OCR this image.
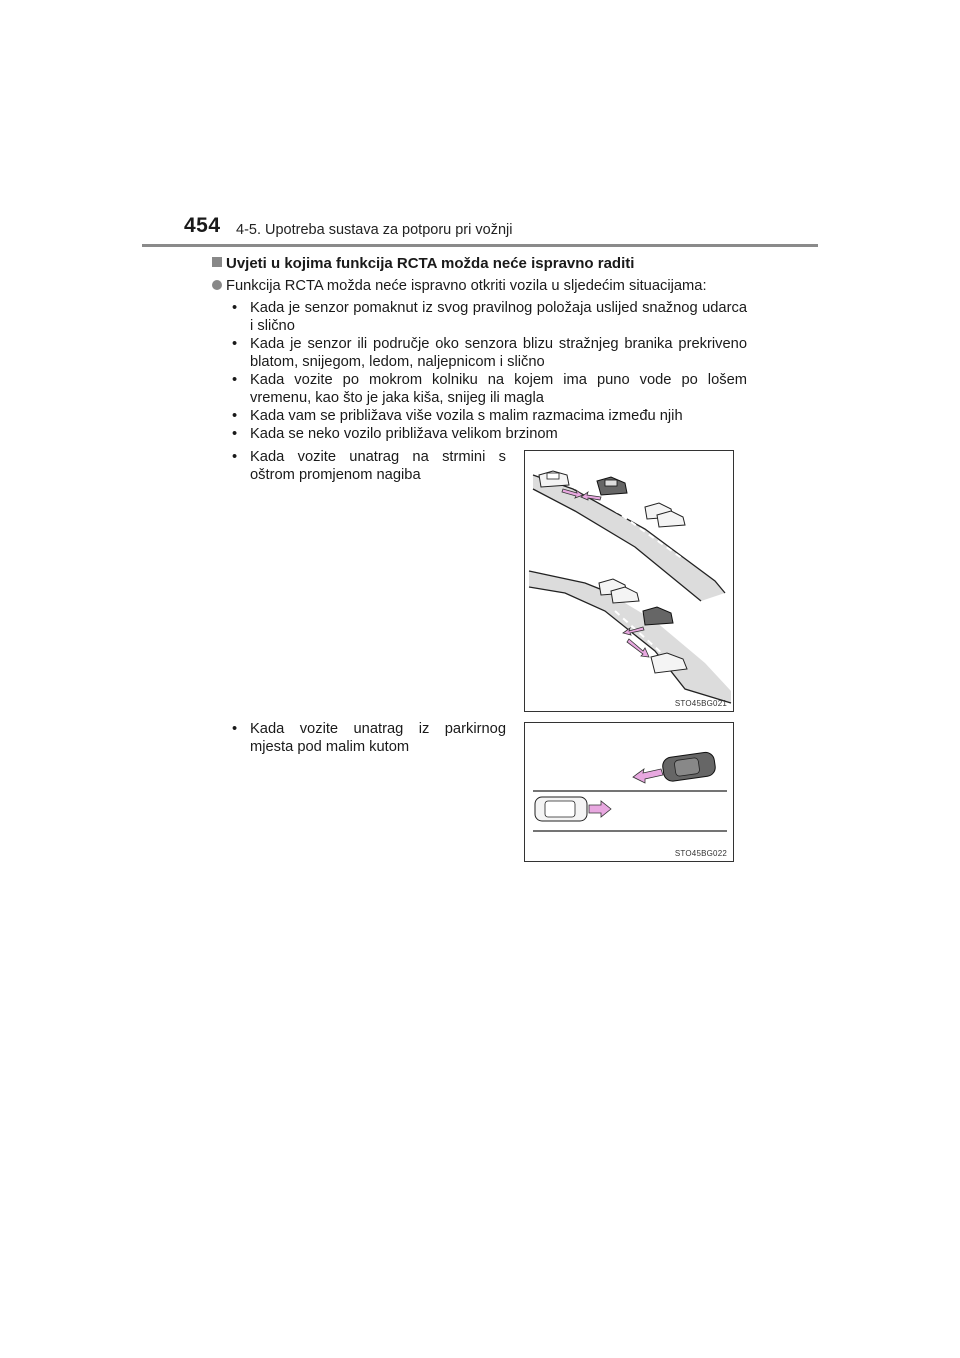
454 4-5. Upotreba sustava za potporu pri vožnji

Uvjeti u kojima funkcija RCTA možda neće ispravno raditi

Funkcija RCTA možda neće ispravno otkriti vozila u sljedećim situacijama:

• Kada je senzor pomaknut iz svog pravilnog položaja uslijed snažnog udarca i slično
• Kada je senzor ili područje oko senzora blizu stražnjeg branika prekriveno blatom, snijegom, ledom, naljepnicom i slično
• Kada vozite po mokrom kolniku na kojem ima puno vode po lošem vremenu, kao što je jaka kiša, snijeg ili magla
• Kada vam se približava više vozila s malim razmacima između njih
• Kada se neko vozilo približava velikom brzinom
• Kada vozite unatrag na strmini s oštrom promjenom nagiba
STO45BG021
• Kada vozite unatrag iz parkirnog mjesta pod malim kutom
STO45BG022
